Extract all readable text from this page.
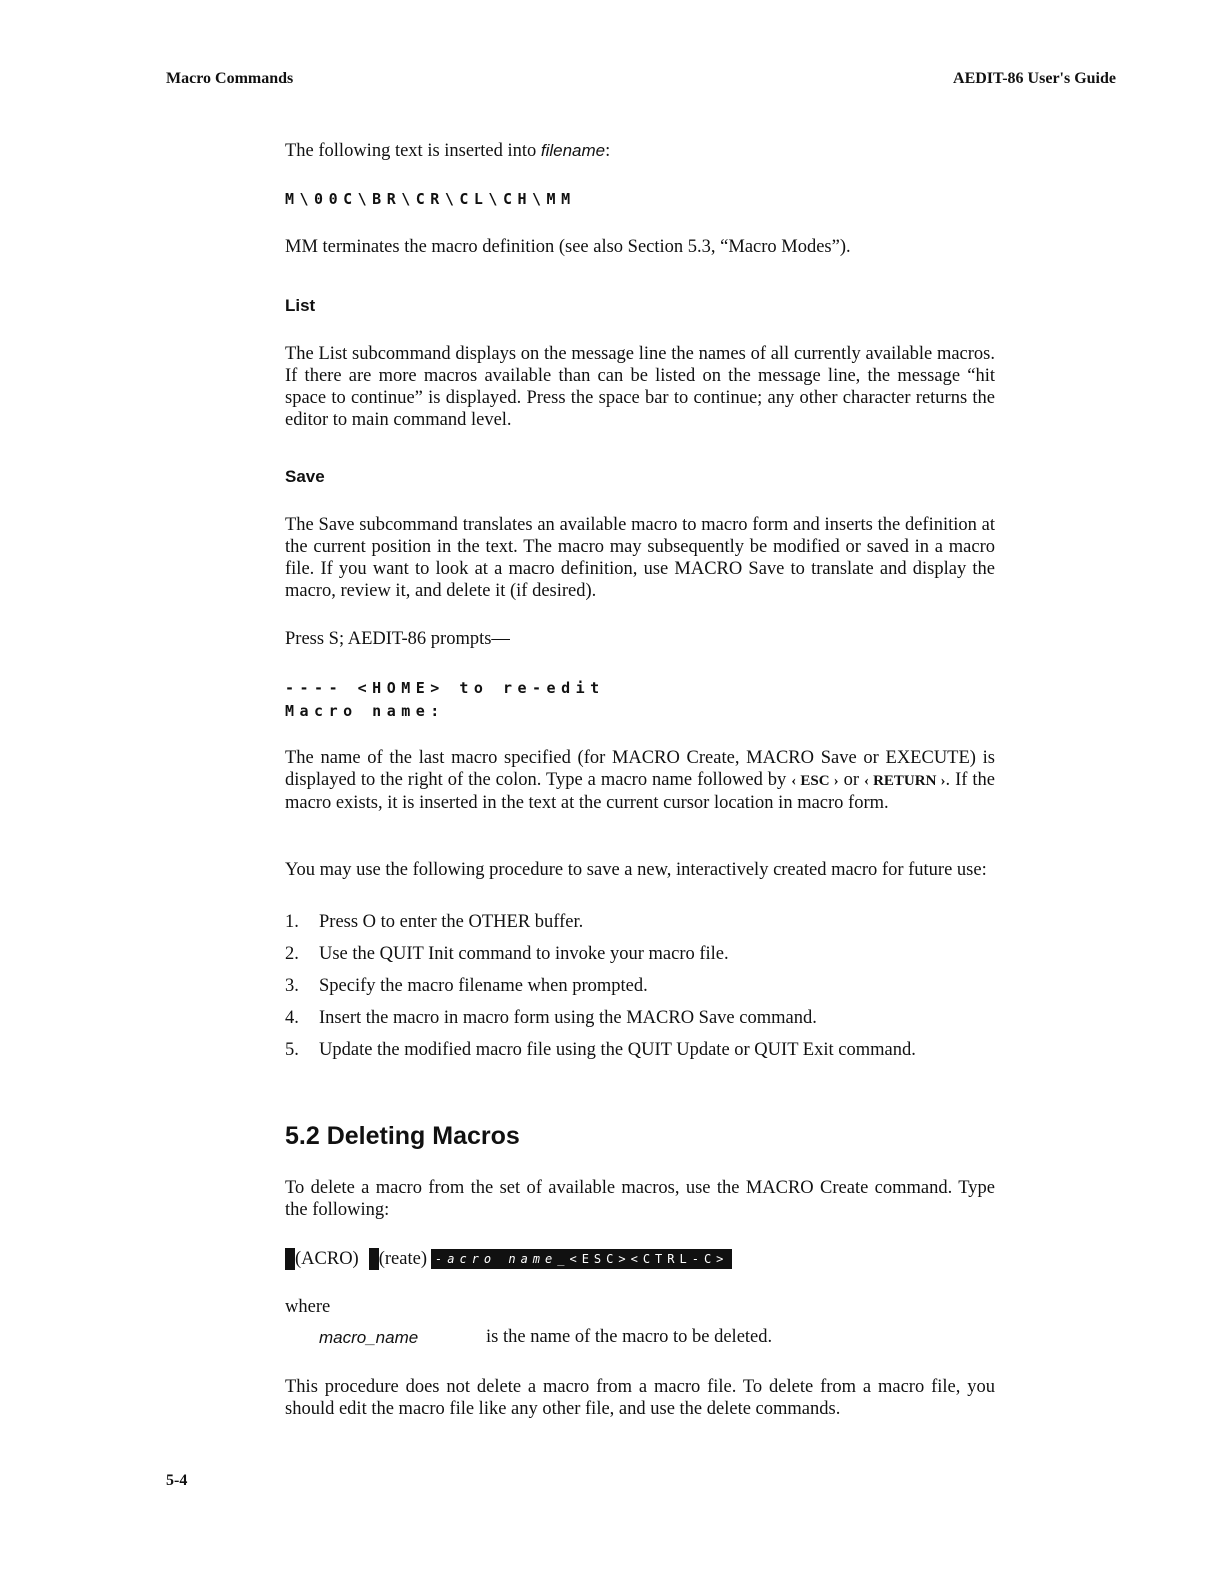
Macro Commands	AEDIT-86 User's Guide
The following text is inserted into filename:
M\00C\BR\CR\CL\CH\MM
MM terminates the macro definition (see also Section 5.3, “Macro Modes”).
List
The List subcommand displays on the message line the names of all currently available macros. If there are more macros available than can be listed on the message line, the message “hit space to continue” is displayed. Press the space bar to continue; any other character returns the editor to main command level.
Save
The Save subcommand translates an available macro to macro form and inserts the definition at the current position in the text. The macro may subsequently be modified or saved in a macro file. If you want to look at a macro definition, use MACRO Save to translate and display the macro, review it, and delete it (if desired).
Press S; AEDIT-86 prompts—
---- <HOME> to re-edit
Macro name:
The name of the last macro specified (for MACRO Create, MACRO Save or EXECUTE) is displayed to the right of the colon. Type a macro name followed by ‹ ESC › or ‹ RETURN ›. If the macro exists, it is inserted in the text at the current cursor location in macro form.
You may use the following procedure to save a new, interactively created macro for future use:
1. Press O to enter the OTHER buffer.
2. Use the QUIT Init command to invoke your macro file.
3. Specify the macro filename when prompted.
4. Insert the macro in macro form using the MACRO Save command.
5. Update the modified macro file using the QUIT Update or QUIT Exit command.
5.2 Deleting Macros
To delete a macro from the set of available macros, use the MACRO Create command. Type the following:
(ACRO) (reate) -acro name_<ESC><CTRL-C>
where
macro_name	is the name of the macro to be deleted.
This procedure does not delete a macro from a macro file. To delete from a macro file, you should edit the macro file like any other file, and use the delete commands.
5-4
